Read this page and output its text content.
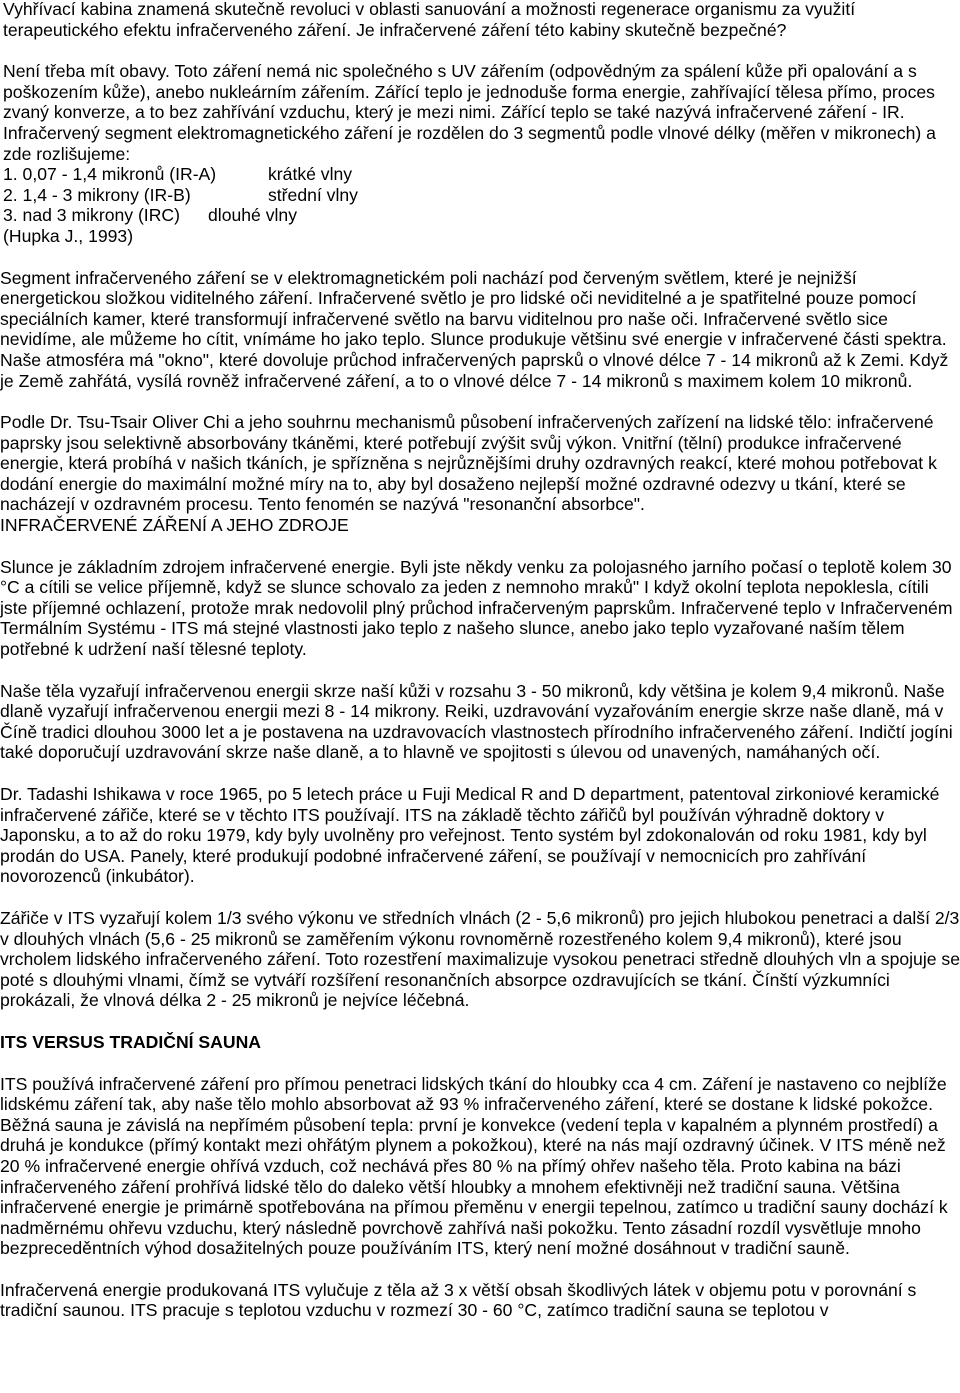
Vyhřívací kabina znamená skutečně revoluci v oblasti sanuování a možnosti regenerace organismu za využití terapeutického efektu infračerveného záření. Je infračervené záření této kabiny skutečně bezpečné?

Není třeba mít obavy. Toto záření nemá nic společného s UV zářením (odpovědným za spálení kůže při opalování a s poškozením kůže), anebo nukleárním zářením. Zářící teplo je jednoduše forma energie, zahřívající tělesa přímo, proces zvaný konverze, a to bez zahřívání vzduchu, který je mezi nimi. Zářící teplo se také nazývá infračervené záření - IR. Infračervený segment elektromagnetického záření je rozdělen do 3 segmentů podle vlnové délky (měřen v mikronech) a zde rozlišujeme:

1. 0,07 - 1,4 mikronů (IR-A)	krátké vlny
2. 1,4 - 3 mikrony (IR-B)	střední vlny
3. nad 3 mikrony (IRC) dlouhé vlny

(Hupka J., 1993)

Segment infračerveného záření se v elektromagnetickém poli nachází pod červeným světlem, které je nejnižší energetickou složkou viditelného záření. Infračervené světlo je pro lidské oči neviditelné a je spatřitelné pouze pomocí speciálních kamer, které transformují infračervené světlo na barvu viditelnou pro naše oči. Infračervené světlo sice nevidíme, ale můžeme ho cítit, vnímáme ho jako teplo. Slunce produkuje většinu své energie v infračervené části spektra. Naše atmosféra má "okno", které dovoluje průchod infračervených paprsků o vlnové délce 7 - 14 mikronů až k Zemi. Když je Země zahřátá, vysílá rovněž infračervené záření, a to o vlnové délce 7 - 14 mikronů s maximem kolem 10 mikronů.

Podle Dr. Tsu-Tsair Oliver Chi a jeho souhrnu mechanismů působení infračervených zařízení na lidské tělo: infračervené paprsky jsou selektivně absorbovány tkáněmi, které potřebují zvýšit svůj výkon. Vnitřní (tělní) produkce infračervené energie, která probíhá v našich tkáních, je spřízněna s nejrůznějšími druhy ozdravných reakcí, které mohou potřebovat k dodání energie do maximální možné míry na to, aby byl dosaženo nejlepší možné ozdravné odezvy u tkání, které se nacházejí v ozdravném procesu. Tento fenomén se nazývá "resonanční absorbce".

INFRAČERVENÉ ZÁŘENÍ A JEHO ZDROJE

Slunce je základním zdrojem infračervené energie. Byli jste někdy venku za polojasného jarního počasí o teplotě kolem 30 °C a cítili se velice příjemně, když se slunce schovalo za jeden z nemnoho mraků" I když okolní teplota nepoklesla, cítili jste příjemné ochlazení, protože mrak nedovolil plný průchod infračerveným paprskům. Infračervené teplo v Infračerveném Termálním Systému - ITS má stejné vlastnosti jako teplo z našeho slunce, anebo jako teplo vyzařované naším tělem potřebné k udržení naší tělesné teploty.

Naše těla vyzařují infračervenou energii skrze naší kůži v rozsahu 3 - 50 mikronů, kdy většina je kolem 9,4 mikronů. Naše dlaně vyzařují infračervenou energii mezi 8 - 14 mikrony. Reiki, uzdravování vyzařováním energie skrze naše dlaně, má v Číně tradici dlouhou 3000 let a je postavena na uzdravovacích vlastnostech přírodního infračerveného záření. Indičtí jogíni také doporučují uzdravování skrze naše dlaně, a to hlavně ve spojitosti s úlevou od unavených, namáhaných očí.

Dr. Tadashi Ishikawa v roce 1965, po 5 letech práce u Fuji Medical R and D department, patentoval zirkoniové keramické infračervené zářiče, které se v těchto ITS používají. ITS na základě těchto zářičů byl používán výhradně doktory v Japonsku, a to až do roku 1979, kdy byly uvolněny pro veřejnost. Tento systém byl zdokonalován od roku 1981, kdy byl prodán do USA. Panely, které produkují podobné infračervené záření, se používají v nemocnicích pro zahřívání novorozenců (inkubátor).

Zářiče v ITS vyzařují kolem 1/3 svého výkonu ve středních vlnách (2 - 5,6 mikronů) pro jejich hlubokou penetraci a další 2/3 v dlouhých vlnách (5,6 - 25 mikronů se zaměřením výkonu rovnoměrně rozestřeného kolem 9,4 mikronů), které jsou vrcholem lidského infračerveného záření. Toto rozestření maximalizuje vysokou penetraci středně dlouhých vln a spojuje se poté s dlouhými vlnami, čímž se vytváří rozšíření resonančních absorpce ozdravujících se tkání. Čínští výzkumníci prokázali, že vlnová délka 2 - 25 mikronů je nejvíce léčebná.

ITS VERSUS TRADIČNÍ SAUNA

ITS používá infračervené záření pro přímou penetraci lidských tkání do hloubky cca 4 cm. Záření je nastaveno co nejblíže lidskému záření tak, aby naše tělo mohlo absorbovat až 93 % infračerveného záření, které se dostane k lidské pokožce. Běžná sauna je závislá na nepřímém působení tepla: první je konvekce (vedení tepla v kapalném a plynném prostředí) a druhá je kondukce (přímý kontakt mezi ohřátým plynem a pokožkou), které na nás mají ozdravný účinek. V ITS méně než 20 % infračervené energie ohřívá vzduch, což nechává přes 80 % na přímý ohřev našeho těla. Proto kabina na bázi infračerveného záření prohřívá lidské tělo do daleko větší hloubky a mnohem efektivněji než tradiční sauna. Většina infračervené energie je primárně spotřebována na přímou přeměnu v energii tepelnou, zatímco u tradiční sauny dochází k nadměrnému ohřevu vzduchu, který následně povrchově zahřívá naši pokožku. Tento zásadní rozdíl vysvětluje mnoho bezpreceděntních výhod dosažitelných pouze používáním ITS, který není možné dosáhnout v tradiční sauně.

Infračervená energie produkovaná ITS vylučuje z těla až 3 x větší obsah škodlivých látek v objemu potu v porovnání s tradiční saunou. ITS pracuje s teplotou vzduchu v rozmezí 30 - 60 °C, zatímco tradiční sauna se teplotou v
